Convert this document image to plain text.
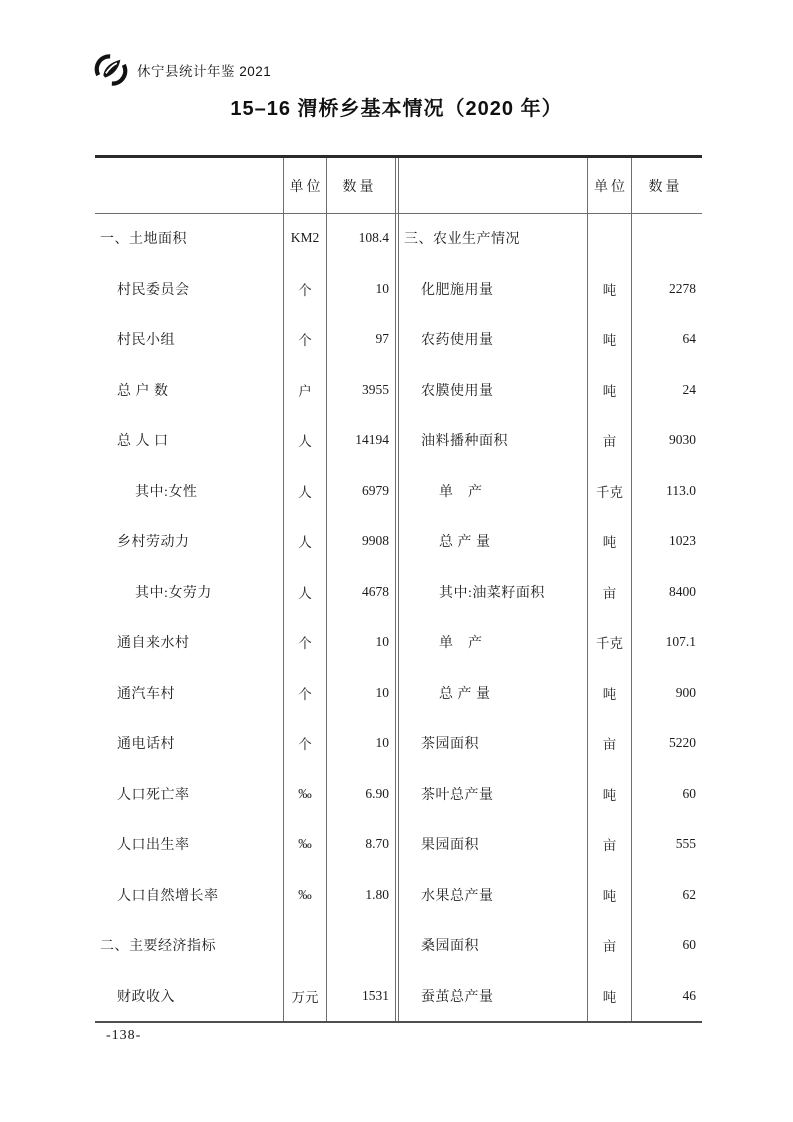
休宁县统计年鉴 2021
15–16 渭桥乡基本情况（2020 年）
单位	数量
一、土地面积	KM2	108.4
村民委员会	个	10
村民小组	个	97
总 户 数	户	3955
总 人 口	人	14194
其中:女性	人	6979
乡村劳动力	人	9908
其中:女劳力	人	4678
通自来水村	个	10
通汽车村	个	10
通电话村	个	10
人口死亡率	‰	6.90
人口出生率	‰	8.70
人口自然增长率	‰	1.80
二、主要经济指标
财政收入	万元	1531
单位	数量
三、农业生产情况
化肥施用量	吨	2278
农药使用量	吨	64
农膜使用量	吨	24
油料播种面积	亩	9030
单　产	千克	113.0
总 产 量	吨	1023
其中:油菜籽面积	亩	8400
单　产	千克	107.1
总 产 量	吨	900
茶园面积	亩	5220
茶叶总产量	吨	60
果园面积	亩	555
水果总产量	吨	62
桑园面积	亩	60
蚕茧总产量	吨	46
-138-
